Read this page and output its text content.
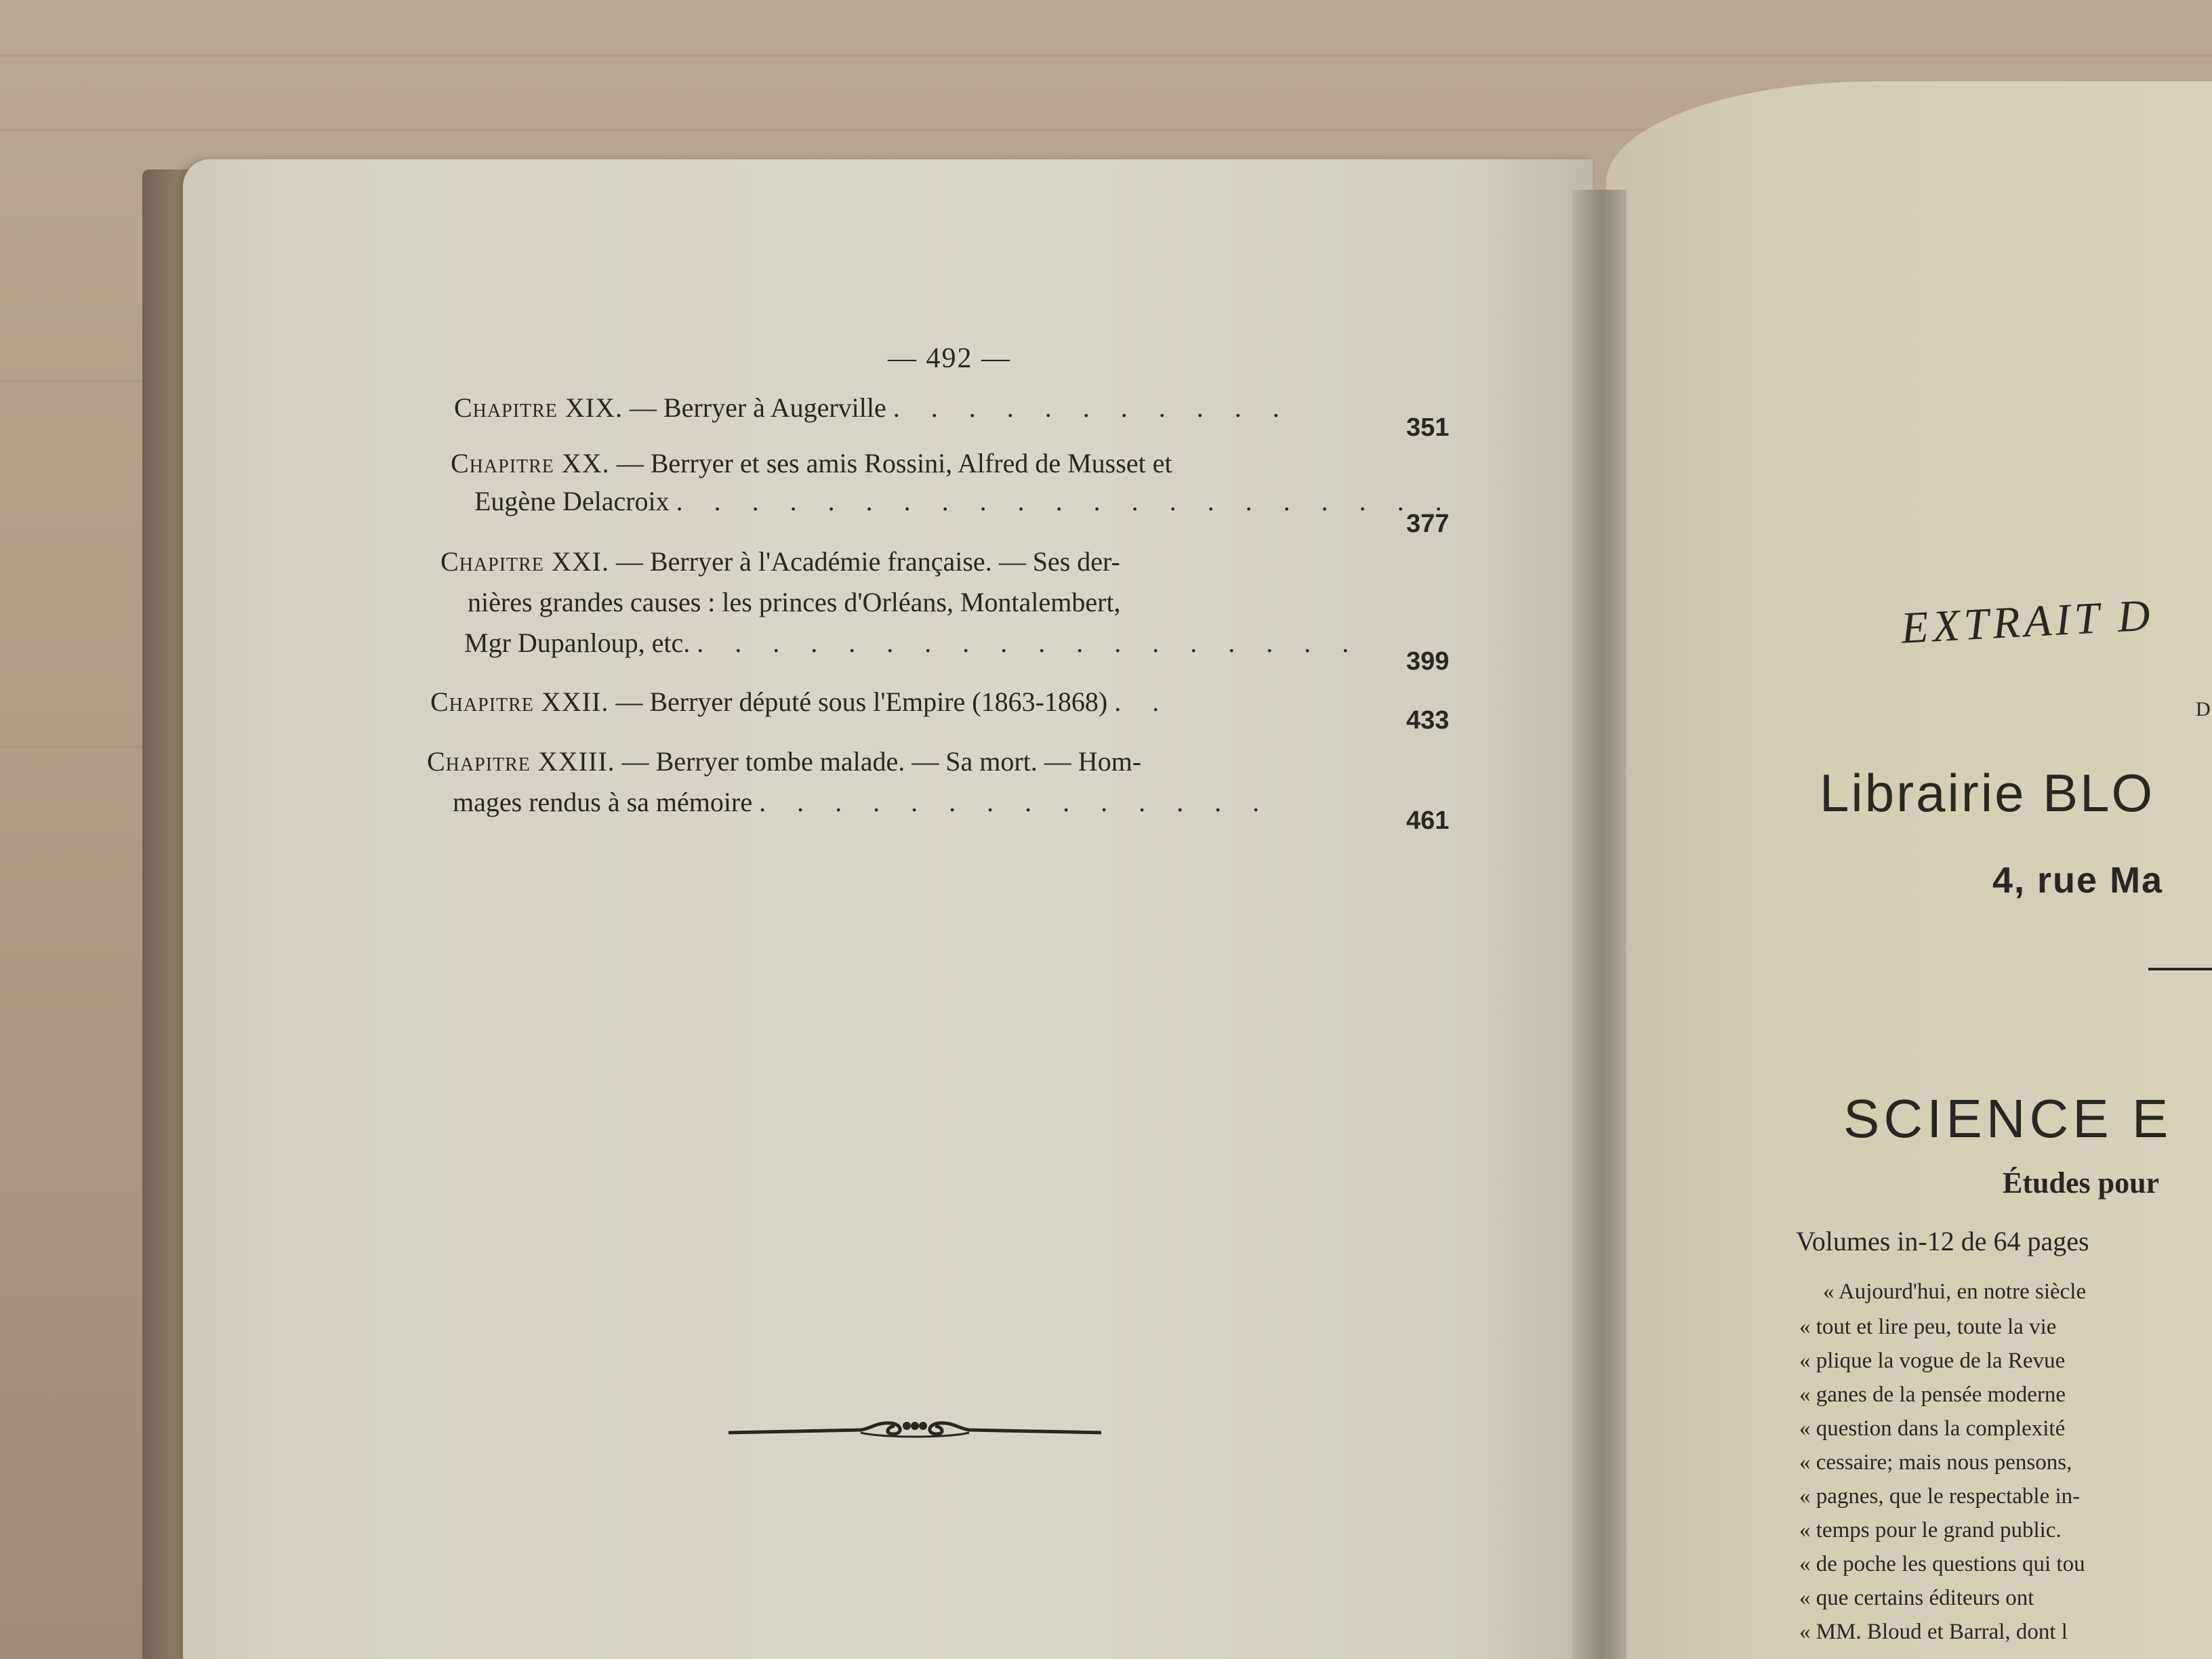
— 492 —
Chapitre XIX. — Berryer à Augerville . . . . . . . . . . .
351
Chapitre XX. — Berryer et ses amis Rossini, Alfred de Musset et
Eugène Delacroix . . . . . . . . . . . . . . . . . . . . .
377
Chapitre XXI. — Berryer à l'Académie française. — Ses der-
nières grandes causes : les princes d'Orléans, Montalembert,
Mgr Dupanloup, etc. . . . . . . . . . . . . . . . . . .
399
Chapitre XXII. — Berryer député sous l'Empire (1863-1868) . .
433
Chapitre XXIII. — Berryer tombe malade. — Sa mort. — Hom-
mages rendus à sa mémoire . . . . . . . . . . . . . .
461
EXTRAIT D
D
Librairie BLO
4, rue Ma
SCIENCE E
Études pour
Volumes in-12 de 64 pages
« Aujourd'hui, en notre siècle
« tout et lire peu, toute la vie
« plique la vogue de la Revue
« ganes de la pensée moderne
« question dans la complexité
« cessaire; mais nous pensons,
« pagnes, que le respectable in-
« temps pour le grand public.
« de poche les questions qui tou
« que certains éditeurs ont
« MM. Bloud et Barral, dont l
